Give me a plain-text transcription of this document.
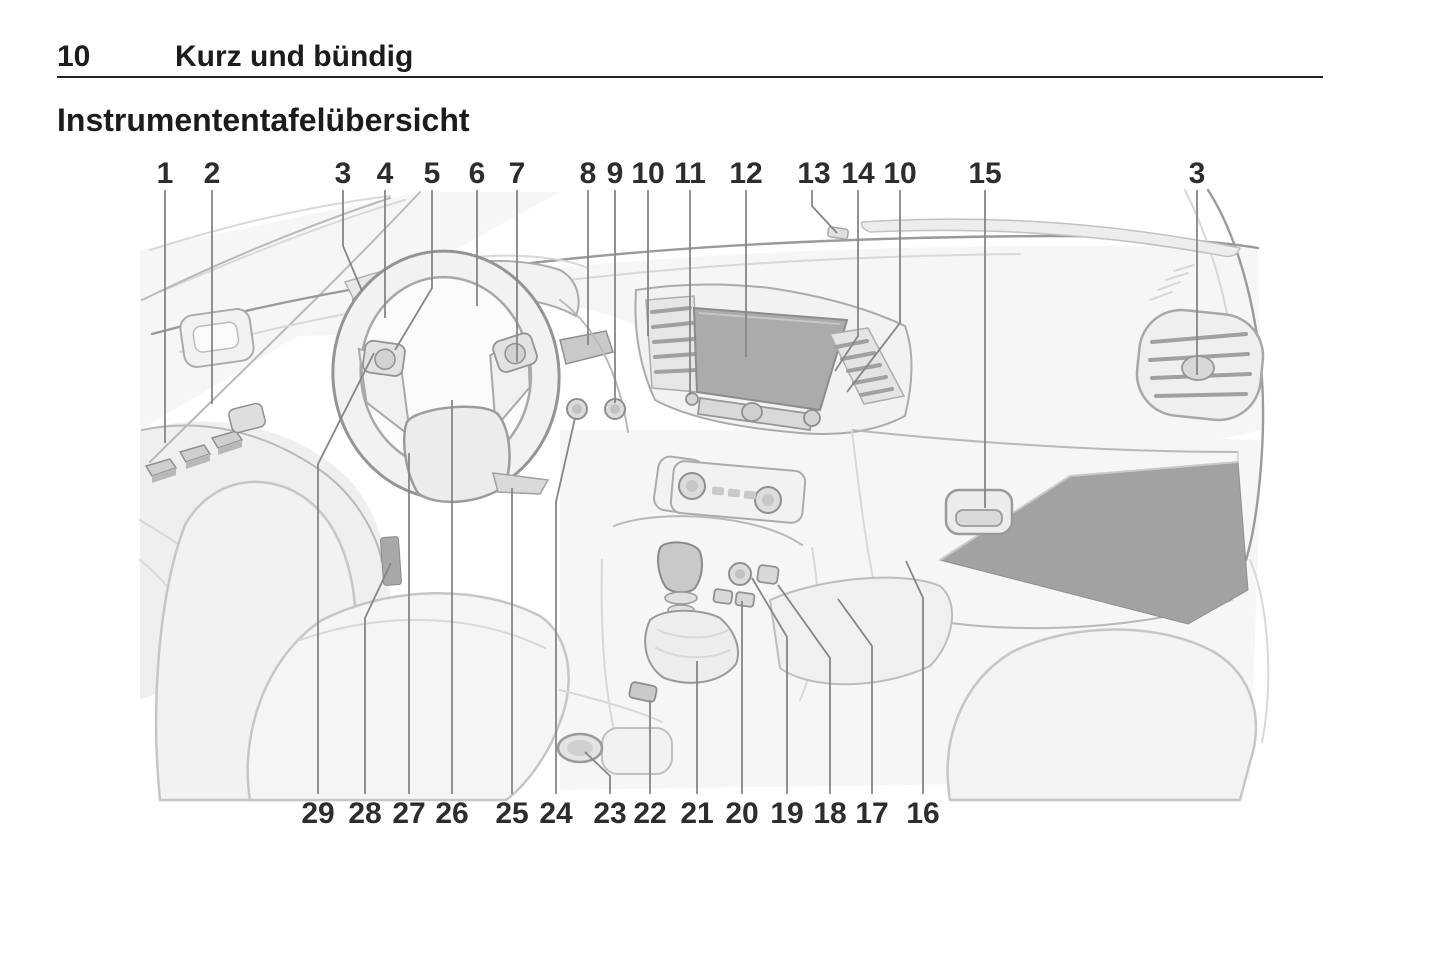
10	Kurz und bündig
Instrumententafelübersicht
1 2	3 4 5 6 7 8 9 10 11 12 13 14 10 15	3
29 28 27 26 25 24 23 22 21 20 19 18 17 16
